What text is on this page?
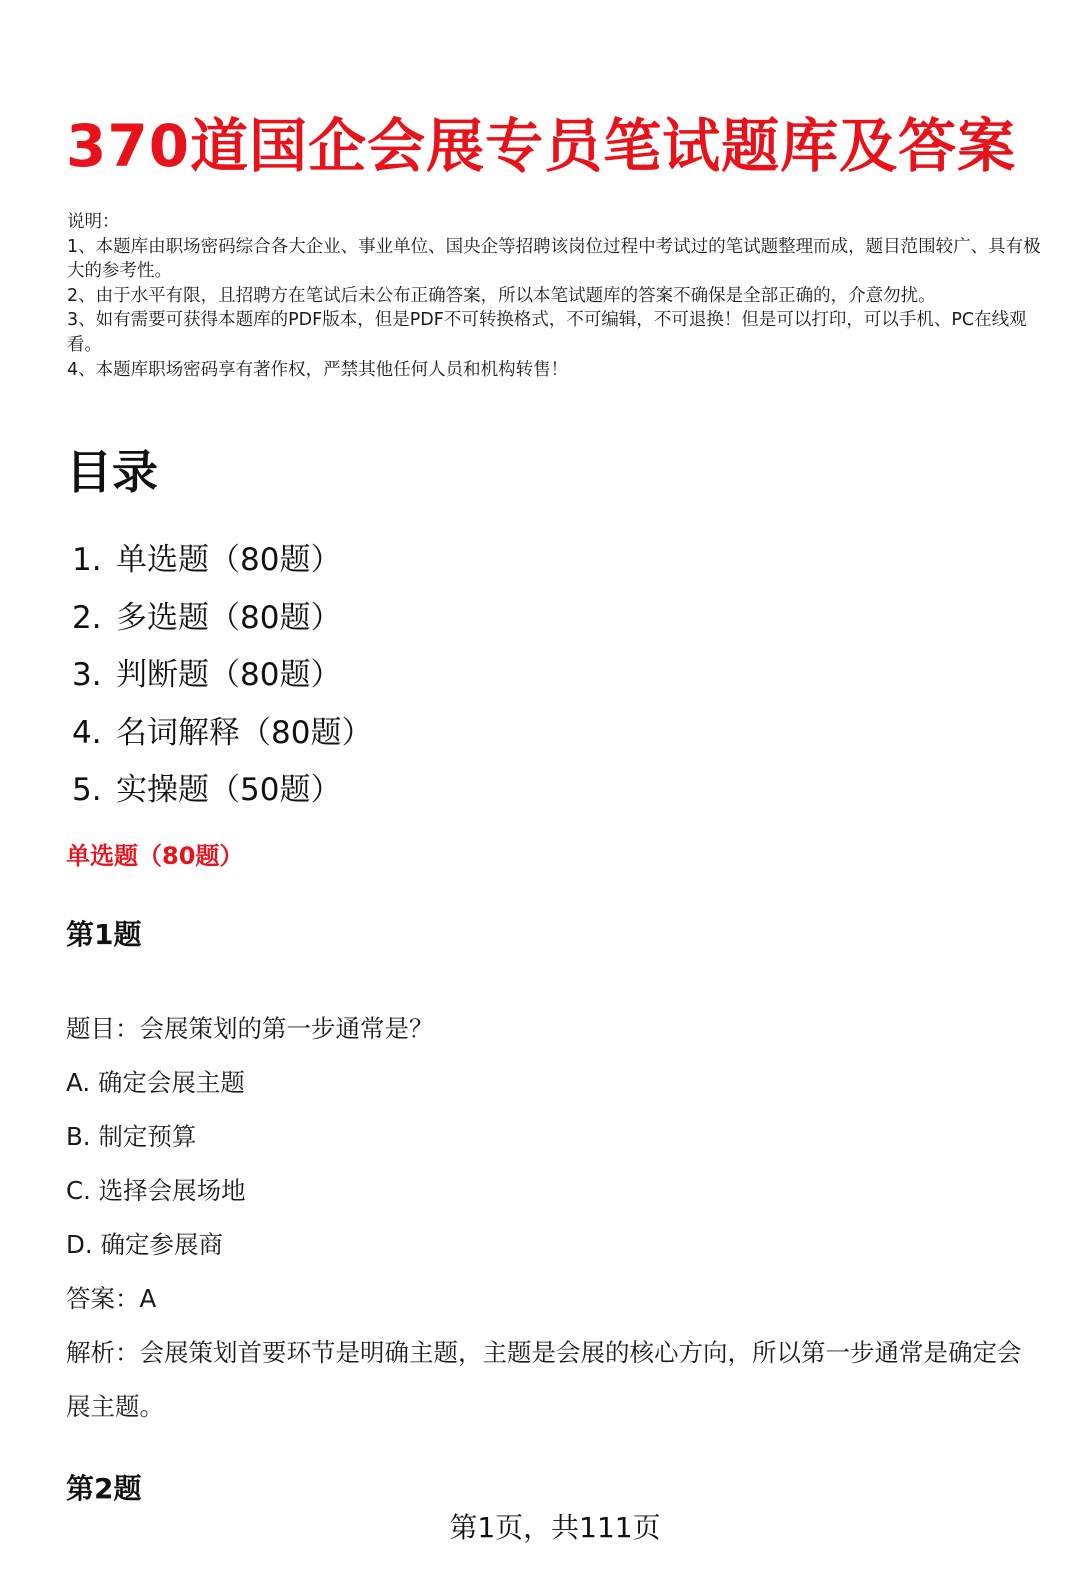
370道国企会展专员笔试题库及答案
说明：
1、本题库由职场密码综合各大企业、事业单位、国央企等招聘该岗位过程中考试过的笔试题整理而成，题目范围较广、具有极大的参考性。
2、由于水平有限，且招聘方在笔试后未公布正确答案，所以本笔试题库的答案不确保是全部正确的，介意勿扰。
3、如有需要可获得本题库的PDF版本，但是PDF不可转换格式，不可编辑，不可退换！但是可以打印，可以手机、PC在线观看。
4、本题库职场密码享有著作权，严禁其他任何人员和机构转售！
目录
1. 单选题（80题）
2. 多选题（80题）
3. 判断题（80题）
4. 名词解释（80题）
5. 实操题（50题）
单选题（80题）
第1题
题目：会展策划的第一步通常是？
A. 确定会展主题
B. 制定预算
C. 选择会展场地
D. 确定参展商
答案：A
解析：会展策划首要环节是明确主题，主题是会展的核心方向，所以第一步通常是确定会展主题。
第2题
第1页，共111页
